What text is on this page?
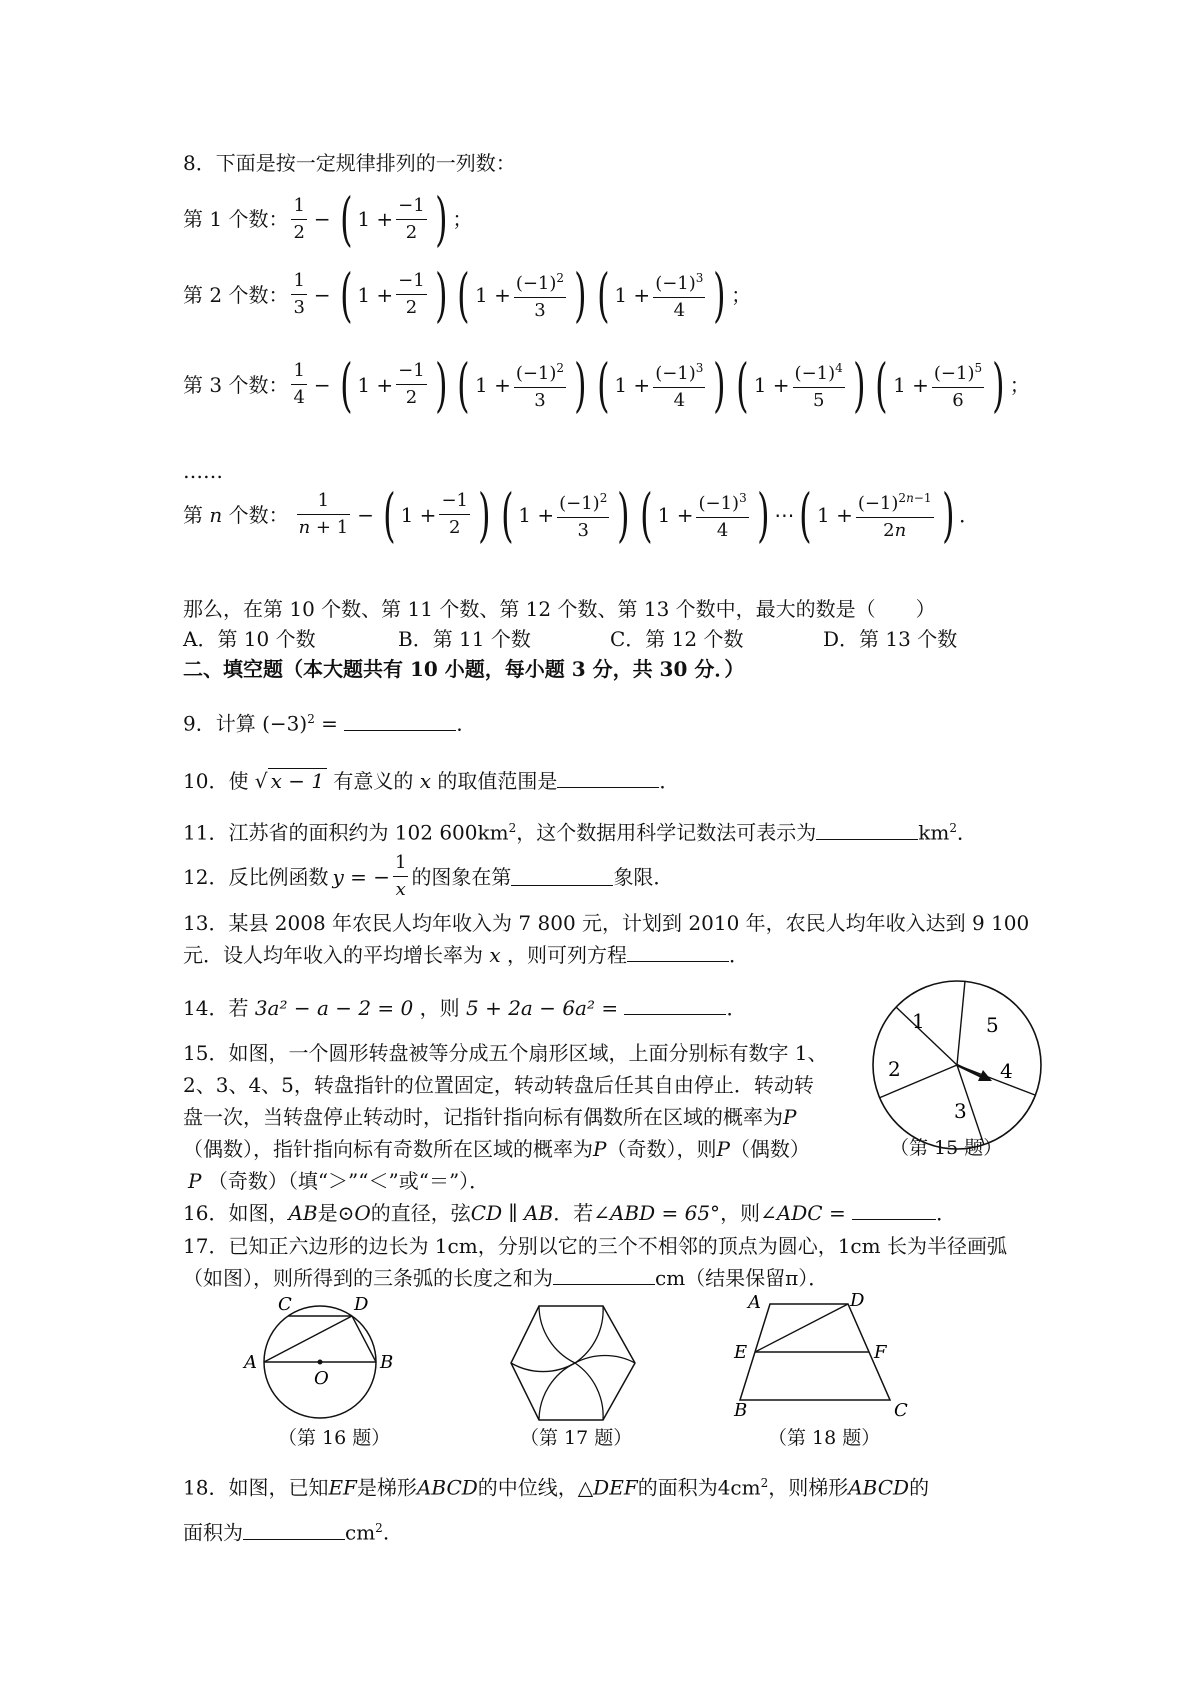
8．下面是按一定规律排列的一列数：
第 1 个数： $\frac{1}{2}$ − ( $1 + \frac{-1}{2}$ ) ；
第 2 个数： $\frac{1}{3}$ − ( $1 + \frac{-1}{2}$ ) ( $1 + \frac{(-1)^2}{3}$ ) ( $1 + \frac{(-1)^3}{4}$ ) ；
第 3 个数： $\frac{1}{4}$ − ( $1 + \frac{-1}{2}$ ) ( $1 + \frac{(-1)^2}{3}$ ) ( $1 + \frac{(-1)^3}{4}$ ) ( $1 + \frac{(-1)^4}{5}$ ) ( $1 + \frac{(-1)^5}{6}$ ) ；
……
第
n
个数： $\frac{1}{n + 1}$ − ( $1 + \frac{-1}{2}$ ) ( $1 + \frac{(-1)^2}{3}$ ) ( $1 + \frac{(-1)^3}{4}$ ) ⋯ ( $1 + \frac{(-1)^{2n-1}}{2n}$ ) ．
那么，在第 10 个数、第 11 个数、第 12 个数、第 13 个数中，最大的数是（　　）
A．第 10 个数	B．第 11 个数	C．第 12 个数	D．第 13 个数
二、填空题（本大题共有 10 小题，每小题 3 分，共 30 分．）
9．计算 $(-3)^2$ =	．
10．使 √ x − 1 有意义的 x 的取值范围是	．
11．江苏省的面积约为 102 $600km^2$，这个数据用科学记数法可表示为	$km^2$．
12．反比例函数 y = − $\frac{1}{x}$ 的图象在第	象限．
13．某县 2008 年农民人均年收入为 7 800 元，计划到 2010 年，农民人均年收入达到 9 100
元．设人均年收入的平均增长率为 x ，则可列方程	．
14．若 3a² − a − 2 = 0 ，则 5 + 2a − 6a² =	．
15．如图，一个圆形转盘被等分成五个扇形区域，上面分别标有数字 1、
2、3、4、5，转盘指针的位置固定，转动转盘后任其自由停止．转动转
盘一次，当转盘停止转动时，记指针指向标有偶数所在区域的概率为P
（偶数），指针指向标有奇数所在区域的概率为P（奇数），则P（偶数）
P （奇数）（填“＞”“＜”或“＝”）．
1	5
4
3
2
（第 15 题）
16．如图，AB是⊙O的直径，弦CD ∥ AB．若∠ABD = 65°，则∠ADC =	．
17．已知正六边形的边长为 1cm，分别以它的三个不相邻的顶点为圆心，1cm 长为半径画弧
（如图），则所得到的三条弧的长度之和为	cm（结果保留π）．
C	D
A	B
O
（第 16 题）	（第 17 题）
A	D
E	F
B	C
（第 18 题）
18．如图，已知EF是梯形ABCD的中位线，△DEF的面积为$4cm^2$，则梯形ABCD的
面积为	$cm^2$.
